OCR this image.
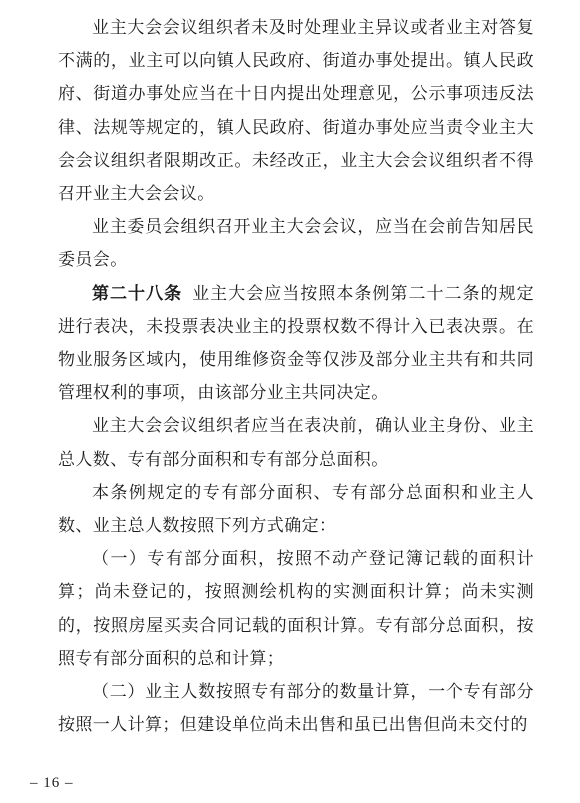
业主大会会议组织者未及时处理业主异议或者业主对答复不满的，业主可以向镇人民政府、街道办事处提出。镇人民政府、街道办事处应当在十日内提出处理意见，公示事项违反法律、法规等规定的，镇人民政府、街道办事处应当责令业主大会会议组织者限期改正。未经改正，业主大会会议组织者不得召开业主大会会议。

业主委员会组织召开业主大会会议，应当在会前告知居民委员会。

第二十八条 业主大会应当按照本条例第二十二条的规定进行表决，未投票表决业主的投票权数不得计入已表决票。在物业服务区域内，使用维修资金等仅涉及部分业主共有和共同管理权利的事项，由该部分业主共同决定。

业主大会会议组织者应当在表决前，确认业主身份、业主总人数、专有部分面积和专有部分总面积。

本条例规定的专有部分面积、专有部分总面积和业主人数、业主总人数按照下列方式确定：

（一）专有部分面积，按照不动产登记簿记载的面积计算；尚未登记的，按照测绘机构的实测面积计算；尚未实测的，按照房屋买卖合同记载的面积计算。专有部分总面积，按照专有部分面积的总和计算；

（二）业主人数按照专有部分的数量计算，一个专有部分按照一人计算；但建设单位尚未出售和虽已出售但尚未交付的

– 16 –
